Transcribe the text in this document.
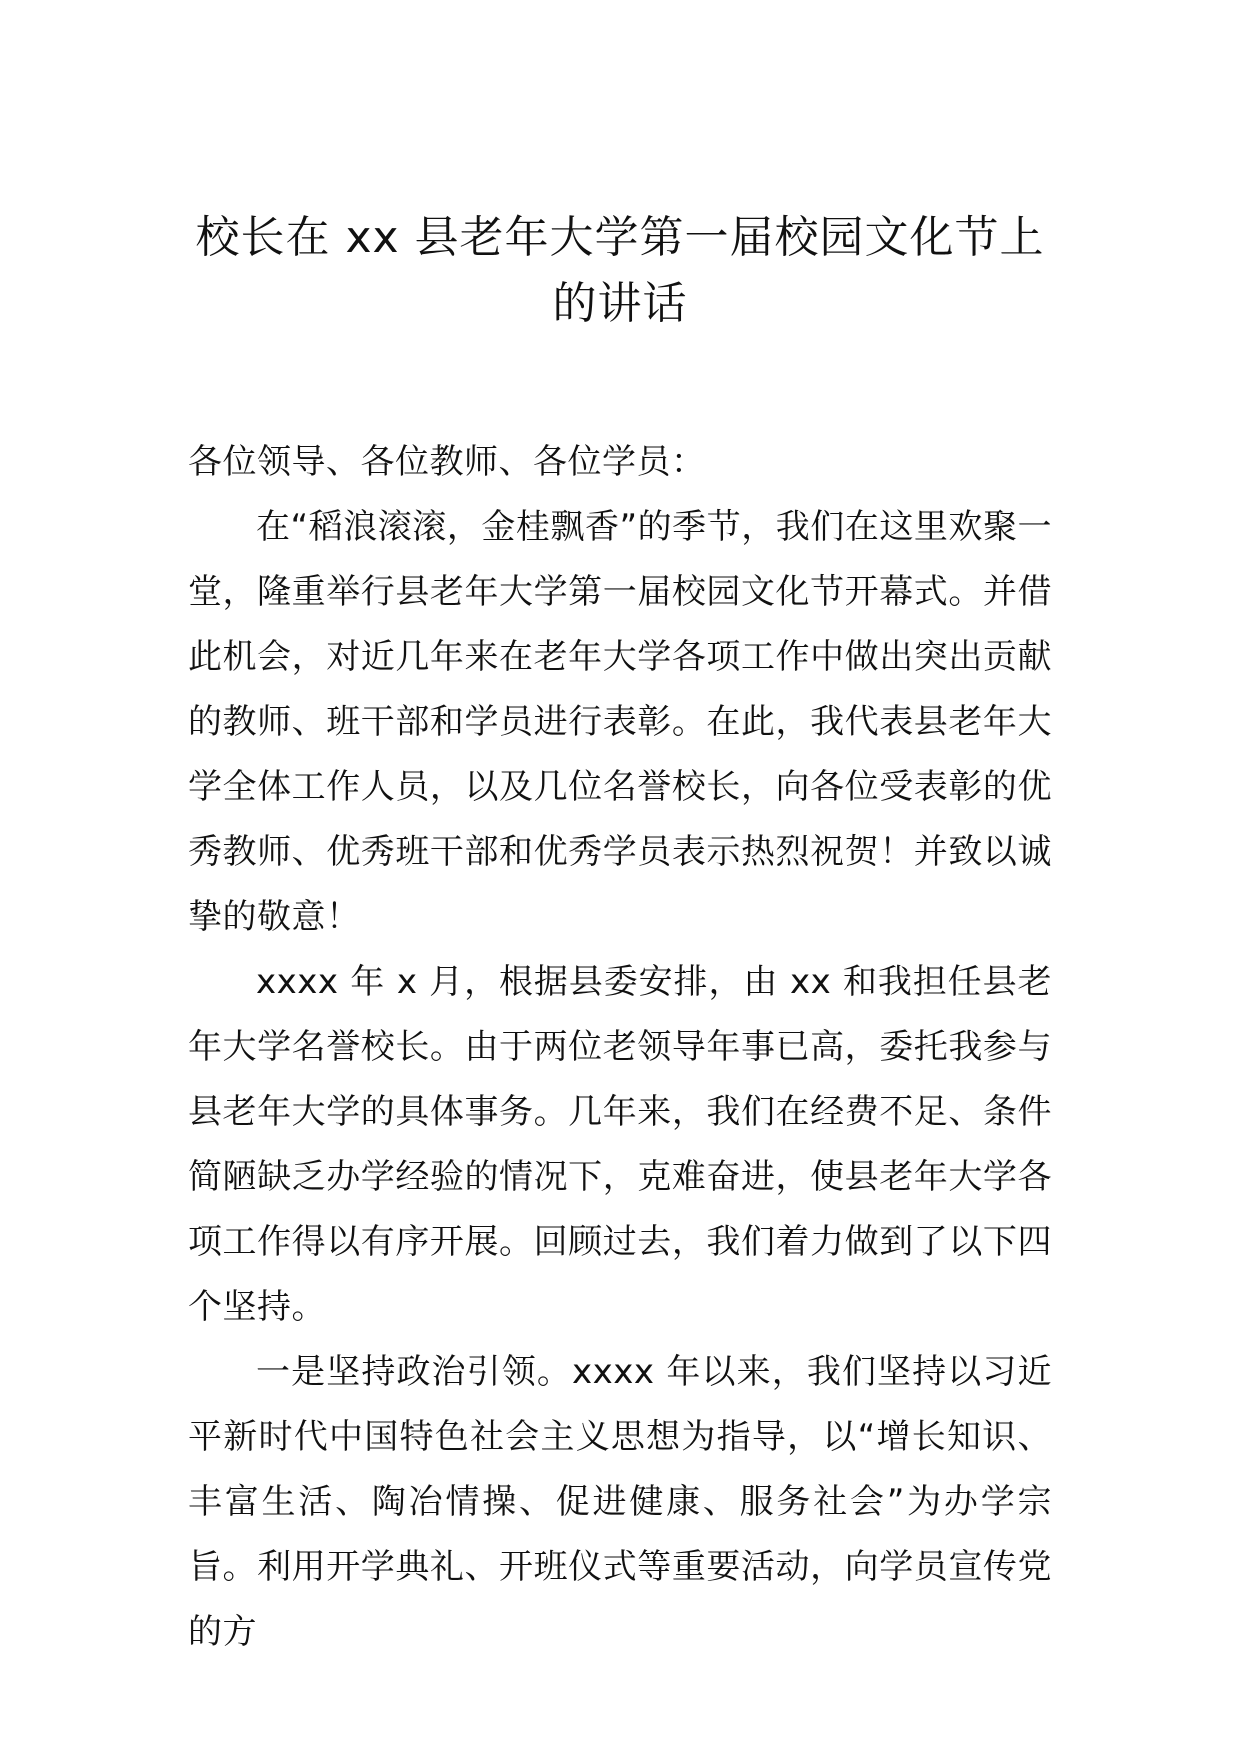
校长在 xx 县老年大学第一届校园文化节上的讲话

各位领导、各位教师、各位学员：

在“稻浪滚滚，金桂飘香”的季节，我们在这里欢聚一堂，隆重举行县老年大学第一届校园文化节开幕式。并借此机会，对近几年来在老年大学各项工作中做出突出贡献的教师、班干部和学员进行表彰。在此，我代表县老年大学全体工作人员，以及几位名誉校长，向各位受表彰的优秀教师、优秀班干部和优秀学员表示热烈祝贺！并致以诚挚的敬意！

xxxx 年 x 月，根据县委安排，由 xx 和我担任县老年大学名誉校长。由于两位老领导年事已高，委托我参与县老年大学的具体事务。几年来，我们在经费不足、条件简陋缺乏办学经验的情况下，克难奋进，使县老年大学各项工作得以有序开展。回顾过去，我们着力做到了以下四个坚持。

一是坚持政治引领。xxxx 年以来，我们坚持以习近平新时代中国特色社会主义思想为指导，以“增长知识、丰富生活、陶冶情操、促进健康、服务社会”为办学宗旨。利用开学典礼、开班仪式等重要活动，向学员宣传党的方
